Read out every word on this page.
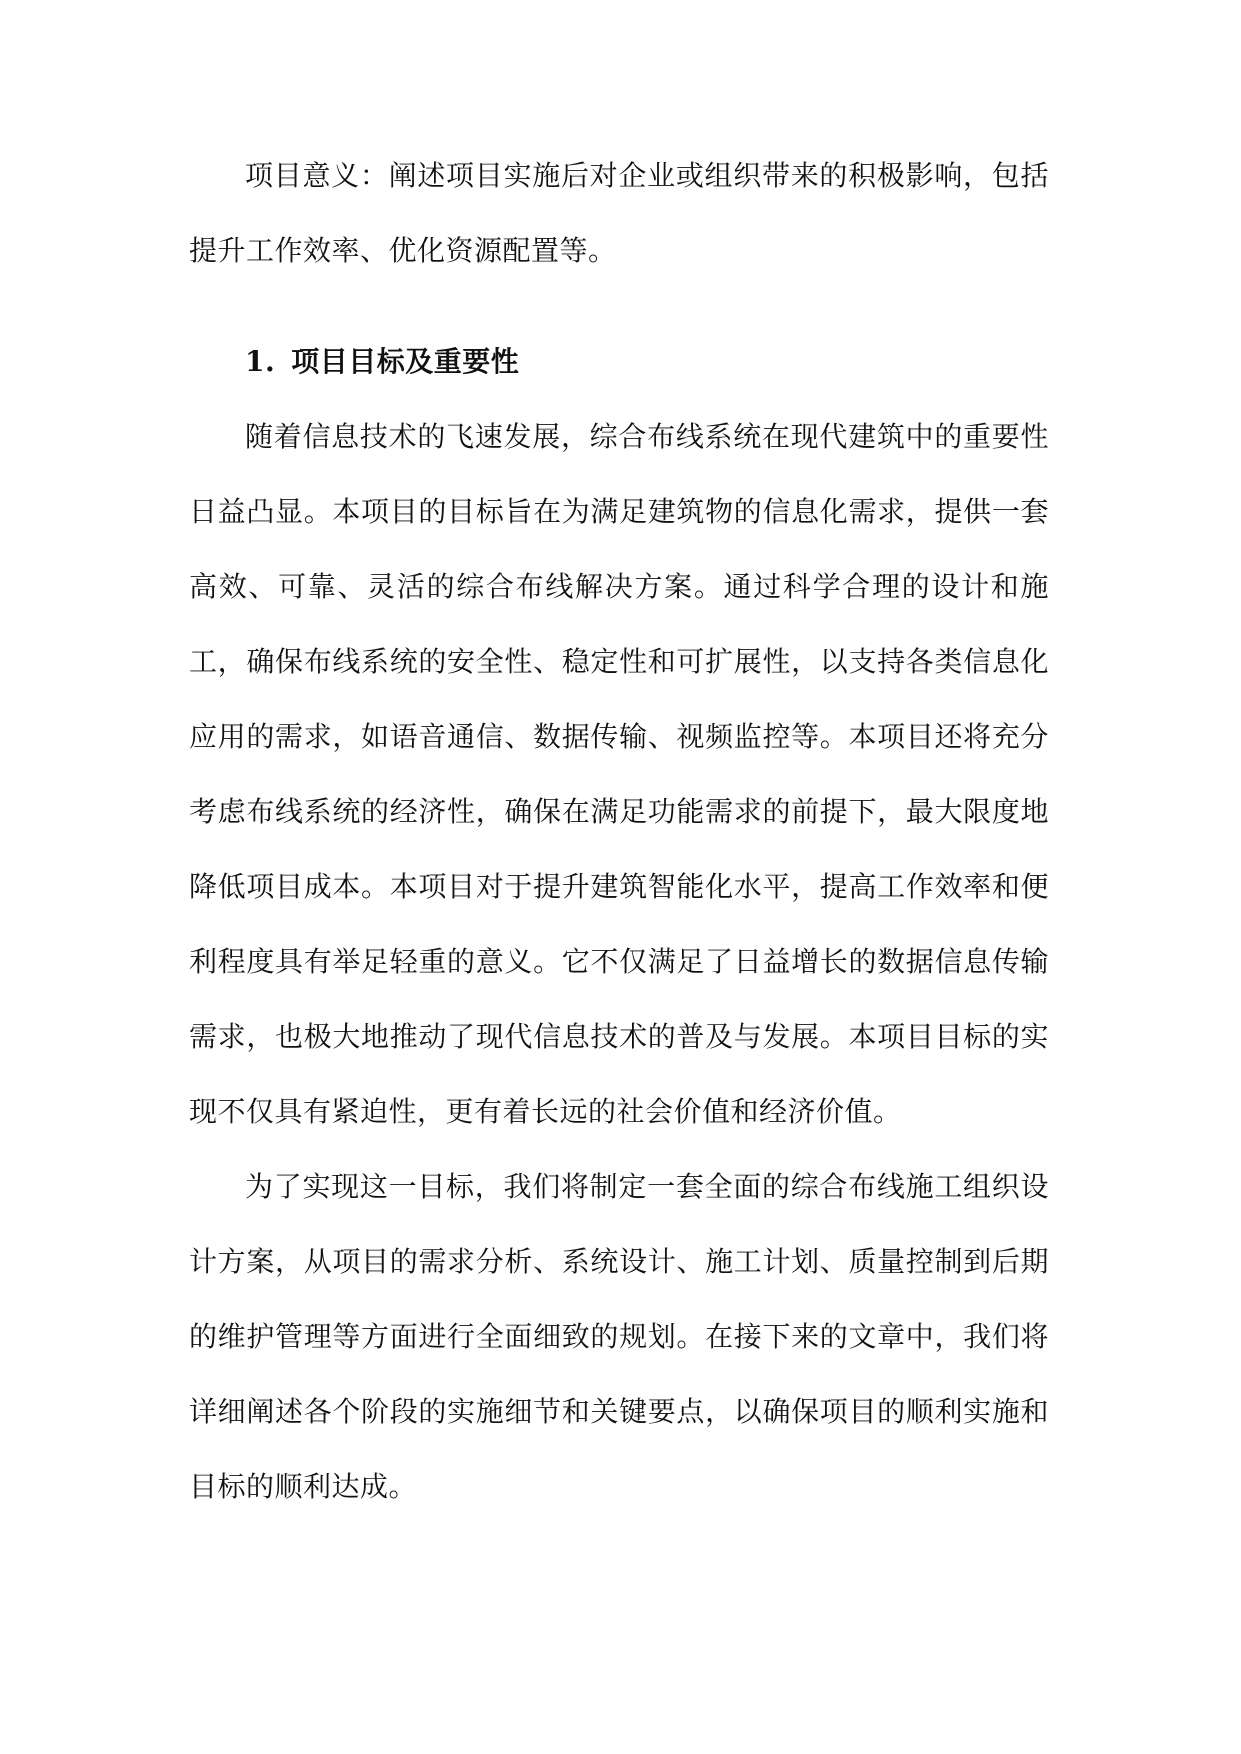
项目意义：阐述项目实施后对企业或组织带来的积极影响，包括提升工作效率、优化资源配置等。

1. 项目目标及重要性

随着信息技术的飞速发展，综合布线系统在现代建筑中的重要性日益凸显。本项目的目标旨在为满足建筑物的信息化需求，提供一套高效、可靠、灵活的综合布线解决方案。通过科学合理的设计和施工，确保布线系统的安全性、稳定性和可扩展性，以支持各类信息化应用的需求，如语音通信、数据传输、视频监控等。本项目还将充分考虑布线系统的经济性，确保在满足功能需求的前提下，最大限度地降低项目成本。本项目对于提升建筑智能化水平，提高工作效率和便利程度具有举足轻重的意义。它不仅满足了日益增长的数据信息传输需求，也极大地推动了现代信息技术的普及与发展。本项目目标的实现不仅具有紧迫性，更有着长远的社会价值和经济价值。

为了实现这一目标，我们将制定一套全面的综合布线施工组织设计方案，从项目的需求分析、系统设计、施工计划、质量控制到后期的维护管理等方面进行全面细致的规划。在接下来的文章中，我们将详细阐述各个阶段的实施细节和关键要点，以确保项目的顺利实施和目标的顺利达成。
